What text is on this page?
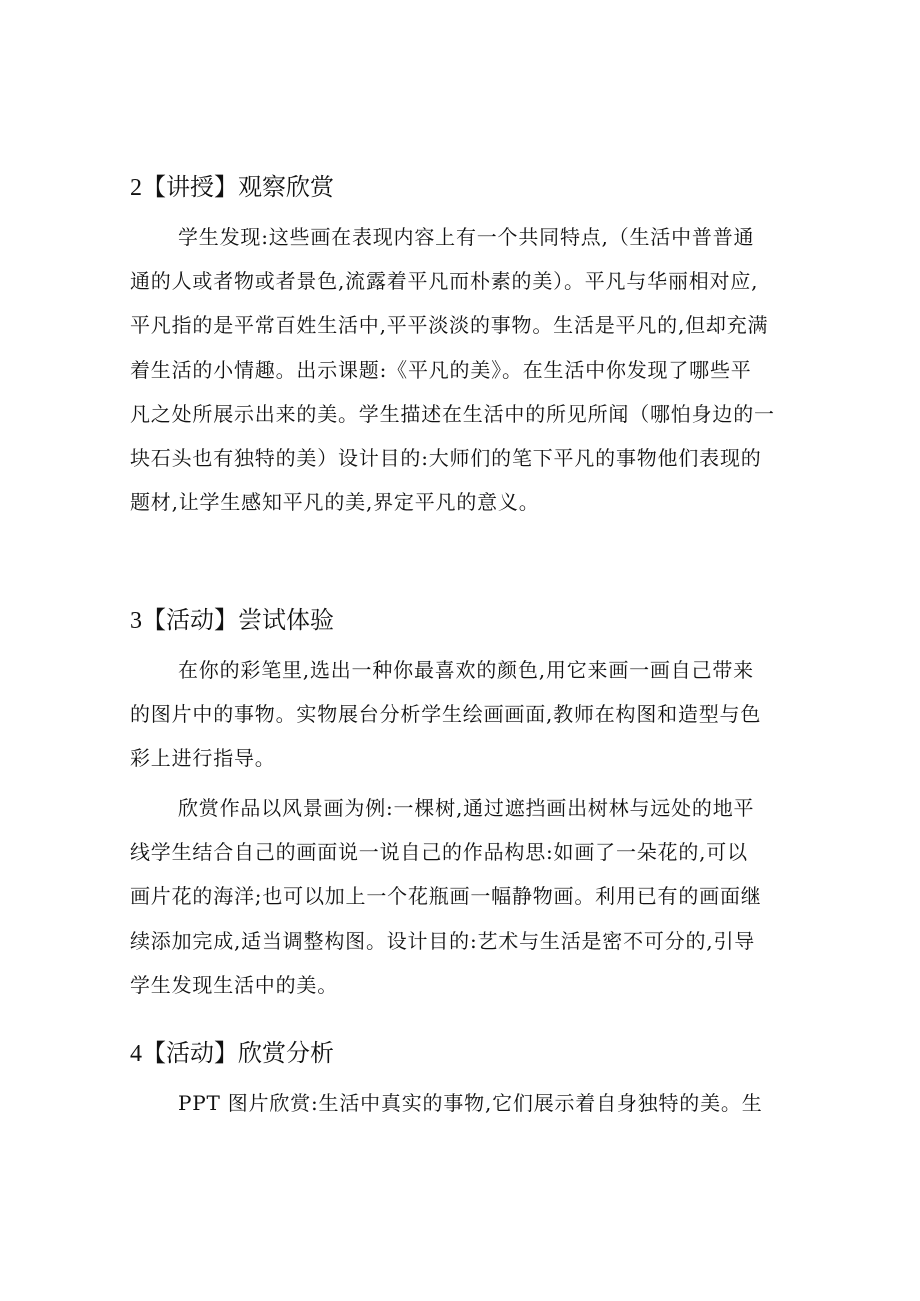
2【讲授】观察欣赏
学生发现:这些画在表现内容上有一个共同特点,（生活中普普通
通的人或者物或者景色,流露着平凡而朴素的美）。平凡与华丽相对应,
平凡指的是平常百姓生活中,平平淡淡的事物。生活是平凡的,但却充满
着生活的小情趣。出示课题:《平凡的美》。在生活中你发现了哪些平
凡之处所展示出来的美。学生描述在生活中的所见所闻（哪怕身边的一
块石头也有独特的美）设计目的:大师们的笔下平凡的事物他们表现的
题材,让学生感知平凡的美,界定平凡的意义。
3【活动】尝试体验
在你的彩笔里,选出一种你最喜欢的颜色,用它来画一画自己带来
的图片中的事物。实物展台分析学生绘画画面,教师在构图和造型与色
彩上进行指导。
欣赏作品以风景画为例:一棵树,通过遮挡画出树林与远处的地平
线学生结合自己的画面说一说自己的作品构思:如画了一朵花的,可以
画片花的海洋;也可以加上一个花瓶画一幅静物画。利用已有的画面继
续添加完成,适当调整构图。设计目的:艺术与生活是密不可分的,引导
学生发现生活中的美。
4【活动】欣赏分析
PPT 图片欣赏:生活中真实的事物,它们展示着自身独特的美。生
